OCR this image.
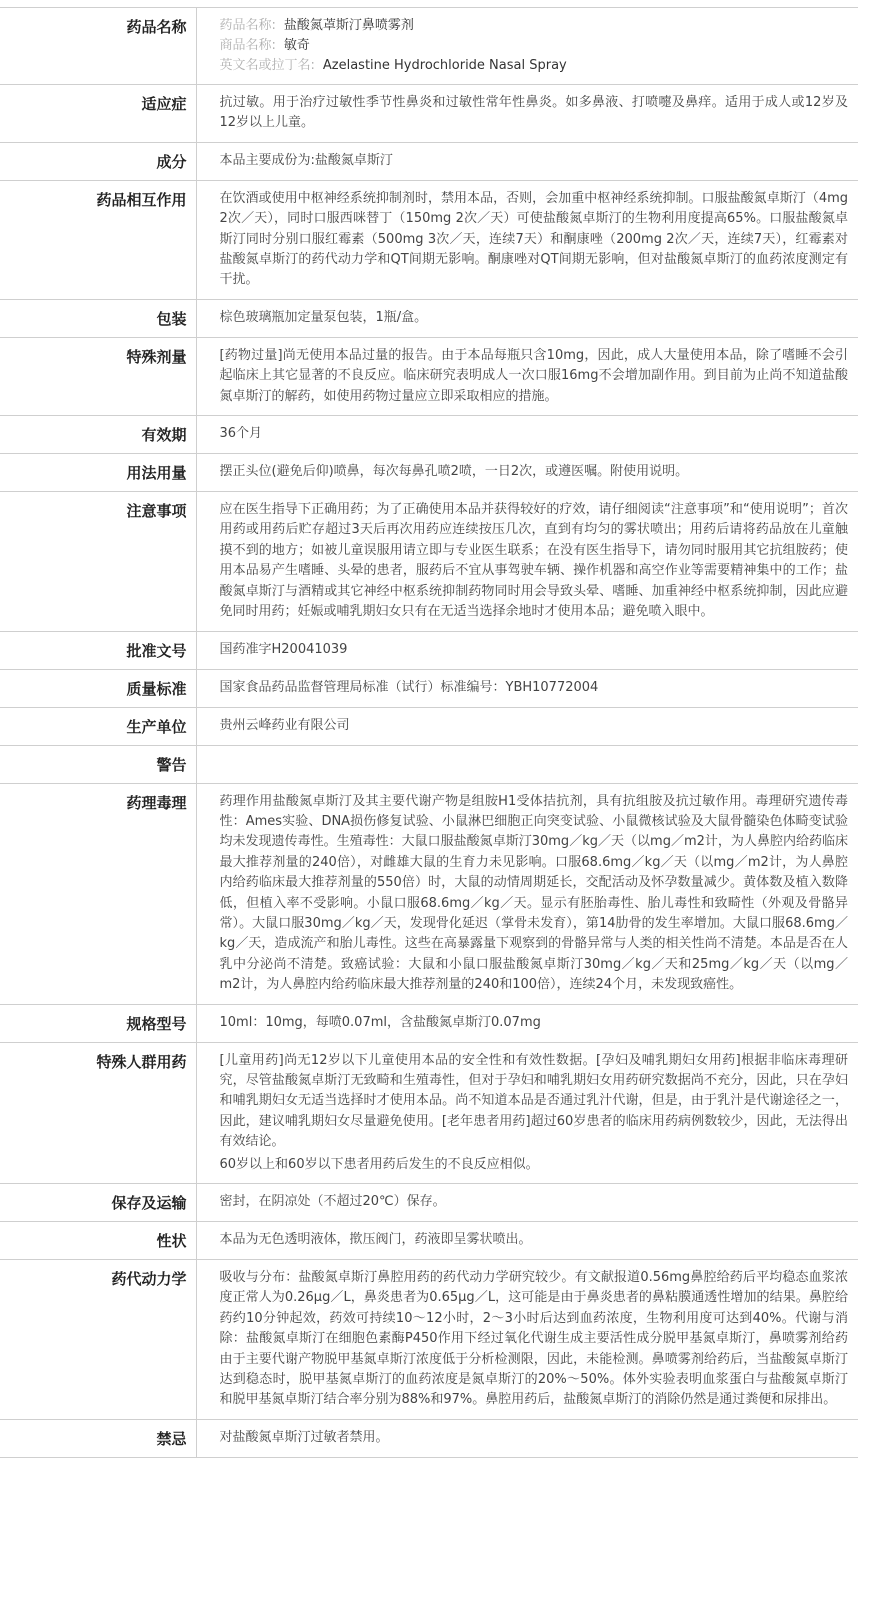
药品名称	药品名称: 盐酸氮䓬斯汀鼻喷雾剂
商品名称: 敏奇
英文名或拉丁名: Azelastine Hydrochloride Nasal Spray

适应症	抗过敏。用于治疗过敏性季节性鼻炎和过敏性常年性鼻炎。如多鼻液、打喷嚏及鼻痒。适用于成人或12岁及12岁以上儿童。
成分	本品主要成份为:盐酸氮卓斯汀
药品相互作用	在饮酒或使用中枢神经系统抑制剂时，禁用本品，否则，会加重中枢神经系统抑制。口服盐酸氮卓斯汀（4mg 2次／天），同时口服西咪替丁（150mg 2次／天）可使盐酸氮卓斯汀的生物利用度提高65%。口服盐酸氮卓斯汀同时分别口服红霉素（500mg 3次／天，连续7天）和酮康唑（200mg 2次／天，连续7天），红霉素对盐酸氮卓斯汀的药代动力学和QT间期无影响。酮康唑对QT间期无影响，但对盐酸氮卓斯汀的血药浓度测定有干扰。
包装	棕色玻璃瓶加定量泵包装，1瓶/盒。
特殊剂量	[药物过量]尚无使用本品过量的报告。由于本品每瓶只含10mg，因此，成人大量使用本品，除了嗜睡不会引起临床上其它显著的不良反应。临床研究表明成人一次口服16mg不会增加副作用。到目前为止尚不知道盐酸氮卓斯汀的解药，如使用药物过量应立即采取相应的措施。
有效期	36个月
用法用量	摆正头位(避免后仰)喷鼻，每次每鼻孔喷2喷，一日2次，或遵医嘱。附使用说明。
注意事项	应在医生指导下正确用药；为了正确使用本品并获得较好的疗效，请仔细阅读“注意事项”和“使用说明”；首次用药或用药后贮存超过3天后再次用药应连续按压几次，直到有均匀的雾状喷出；用药后请将药品放在儿童触摸不到的地方；如被儿童误服用请立即与专业医生联系；在没有医生指导下，请勿同时服用其它抗组胺药；使用本品易产生嗜睡、头晕的患者，服药后不宜从事驾驶车辆、操作机器和高空作业等需要精神集中的工作；盐酸氮卓斯汀与酒精或其它神经中枢系统抑制药物同时用会导致头晕、嗜睡、加重神经中枢系统抑制，因此应避免同时用药；妊娠或哺乳期妇女只有在无适当选择余地时才使用本品；避免喷入眼中。
批准文号	国药准字H20041039
质量标准	国家食品药品监督管理局标准（试行）标准编号：YBH10772004
生产单位	贵州云峰药业有限公司
警告	
药理毒理	药理作用盐酸氮卓斯汀及其主要代谢产物是组胺H1受体拮抗剂，具有抗组胺及抗过敏作用。毒理研究遗传毒性：Ames实验、DNA损伤修复试验、小鼠淋巴细胞正向突变试验、小鼠微核试验及大鼠骨髓染色体畸变试验均未发现遗传毒性。生殖毒性：大鼠口服盐酸氮卓斯汀30mg／kg／天（以mg／m2计，为人鼻腔内给药临床最大推荐剂量的240倍），对雌雄大鼠的生育力未见影响。口服68.6mg／kg／天（以mg／m2计，为人鼻腔内给药临床最大推荐剂量的550倍）时，大鼠的动情周期延长，交配活动及怀孕数量减少。黄体数及植入数降低，但植入率不受影响。小鼠口服68.6mg／kg／天。显示有胚胎毒性、胎儿毒性和致畸性（外观及骨骼异常）。大鼠口服30mg／kg／天，发现骨化延迟（掌骨未发育），第14肋骨的发生率增加。大鼠口服68.6mg／kg／天，造成流产和胎儿毒性。这些在高暴露量下观察到的骨骼异常与人类的相关性尚不清楚。本品是否在人乳中分泌尚不清楚。致癌试验：大鼠和小鼠口服盐酸氮卓斯汀30mg／kg／天和25mg／kg／天（以mg／m2计，为人鼻腔内给药临床最大推荐剂量的240和100倍），连续24个月，未发现致癌性。
规格型号	10ml：10mg，每喷0.07ml，含盐酸氮卓斯汀0.07mg
特殊人群用药	[儿童用药]尚无12岁以下儿童使用本品的安全性和有效性数据。[孕妇及哺乳期妇女用药]根据非临床毒理研究，尽管盐酸氮卓斯汀无致畸和生殖毒性，但对于孕妇和哺乳期妇女用药研究数据尚不充分，因此，只在孕妇和哺乳期妇女无适当选择时才使用本品。尚不知道本品是否通过乳汁代谢，但是，由于乳汁是代谢途径之一，因此，建议哺乳期妇女尽量避免使用。[老年患者用药]超过60岁患者的临床用药病例数较少，因此，无法得出有效结论。
60岁以上和60岁以下患者用药后发生的不良反应相似。

保存及运输	密封，在阴凉处（不超过20℃）保存。
性状	本品为无色透明液体，揿压阀门，药液即呈雾状喷出。
药代动力学	吸收与分布：盐酸氮卓斯汀鼻腔用药的药代动力学研究较少。有文献报道0.56mg鼻腔给药后平均稳态血浆浓度正常人为0.26μg／L，鼻炎患者为0.65μg／L，这可能是由于鼻炎患者的鼻粘膜通透性增加的结果。鼻腔给药约10分钟起效，药效可持续10～12小时，2～3小时后达到血药浓度，生物利用度可达到40%。代谢与消除：盐酸氮卓斯汀在细胞色素酶P450作用下经过氧化代谢生成主要活性成分脱甲基氮卓斯汀，鼻喷雾剂给药由于主要代谢产物脱甲基氮卓斯汀浓度低于分析检测限，因此，未能检测。鼻喷雾剂给药后，当盐酸氮卓斯汀达到稳态时，脱甲基氮卓斯汀的血药浓度是氮卓斯汀的20%～50%。体外实验表明血浆蛋白与盐酸氮卓斯汀和脱甲基氮卓斯汀结合率分别为88%和97%。鼻腔用药后，盐酸氮卓斯汀的消除仍然是通过粪便和尿排出。
禁忌	对盐酸氮卓斯汀过敏者禁用。
